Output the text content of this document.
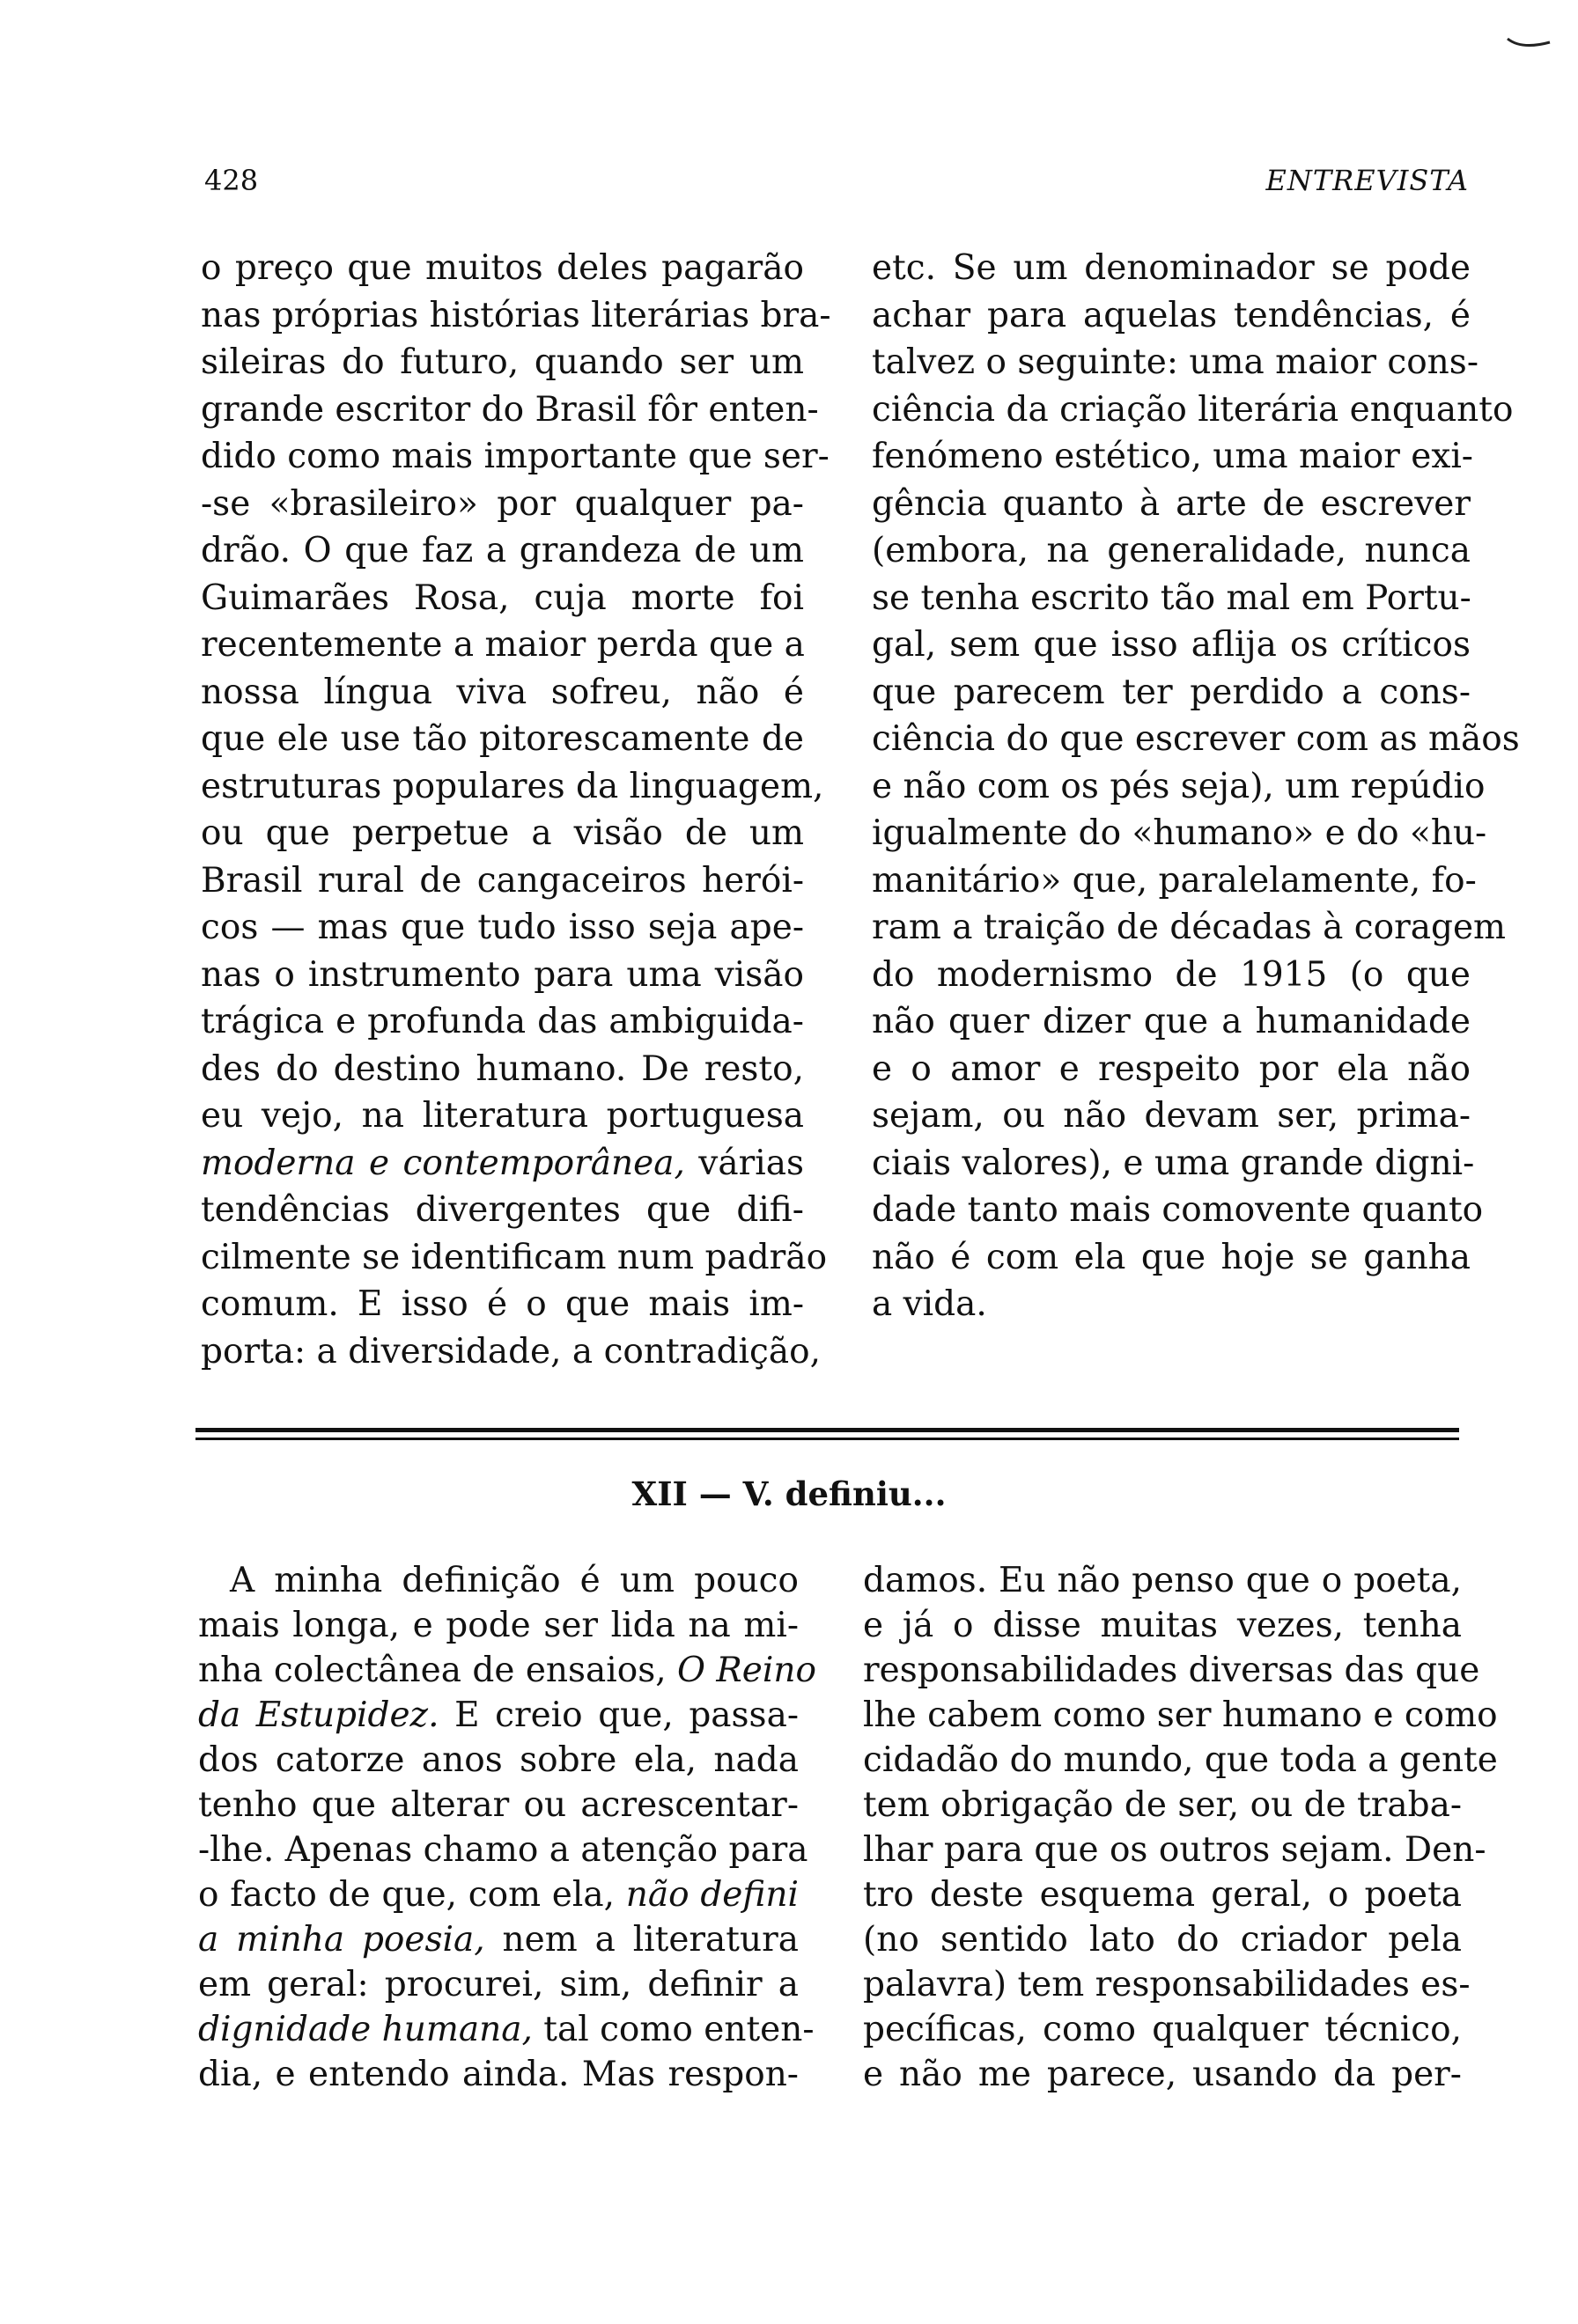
428	ENTREVISTA
o preço que muitos deles pagarão
nas próprias histórias literárias bra-
sileiras do futuro, quando ser um
grande escritor do Brasil fôr enten-
dido como mais importante que ser-
-se «brasileiro» por qualquer pa-
drão. O que faz a grandeza de um
Guimarães Rosa, cuja morte foi
recentemente a maior perda que a
nossa língua viva sofreu, não é
que ele use tão pitorescamente de
estruturas populares da linguagem,
ou que perpetue a visão de um
Brasil rural de cangaceiros herói-
cos — mas que tudo isso seja ape-
nas o instrumento para uma visão
trágica e profunda das ambiguida-
des do destino humano. De resto,
eu vejo, na literatura portuguesa
moderna e contemporânea, várias
tendências divergentes que difi-
cilmente se identificam num padrão
comum. E isso é o que mais im-
porta: a diversidade, a contradição,
etc. Se um denominador se pode
achar para aquelas tendências, é
talvez o seguinte: uma maior cons-
ciência da criação literária enquanto
fenómeno estético, uma maior exi-
gência quanto à arte de escrever
(embora, na generalidade, nunca
se tenha escrito tão mal em Portu-
gal, sem que isso aflija os críticos
que parecem ter perdido a cons-
ciência do que escrever com as mãos
e não com os pés seja), um repúdio
igualmente do «humano» e do «hu-
manitário» que, paralelamente, fo-
ram a traição de décadas à coragem
do modernismo de 1915 (o que
não quer dizer que a humanidade
e o amor e respeito por ela não
sejam, ou não devam ser, prima-
ciais valores), e uma grande digni-
dade tanto mais comovente quanto
não é com ela que hoje se ganha
a vida.
XII — V. definiu...
A minha definição é um pouco
mais longa, e pode ser lida na mi-
nha colectânea de ensaios, O Reino
da Estupidez. E creio que, passa-
dos catorze anos sobre ela, nada
tenho que alterar ou acrescentar-
-lhe. Apenas chamo a atenção para
o facto de que, com ela, não defini
a minha poesia, nem a literatura
em geral: procurei, sim, definir a
dignidade humana, tal como enten-
dia, e entendo ainda. Mas respon-
damos. Eu não penso que o poeta,
e já o disse muitas vezes, tenha
responsabilidades diversas das que
lhe cabem como ser humano e como
cidadão do mundo, que toda a gente
tem obrigação de ser, ou de traba-
lhar para que os outros sejam. Den-
tro deste esquema geral, o poeta
(no sentido lato do criador pela
palavra) tem responsabilidades es-
pecíficas, como qualquer técnico,
e não me parece, usando da per-
